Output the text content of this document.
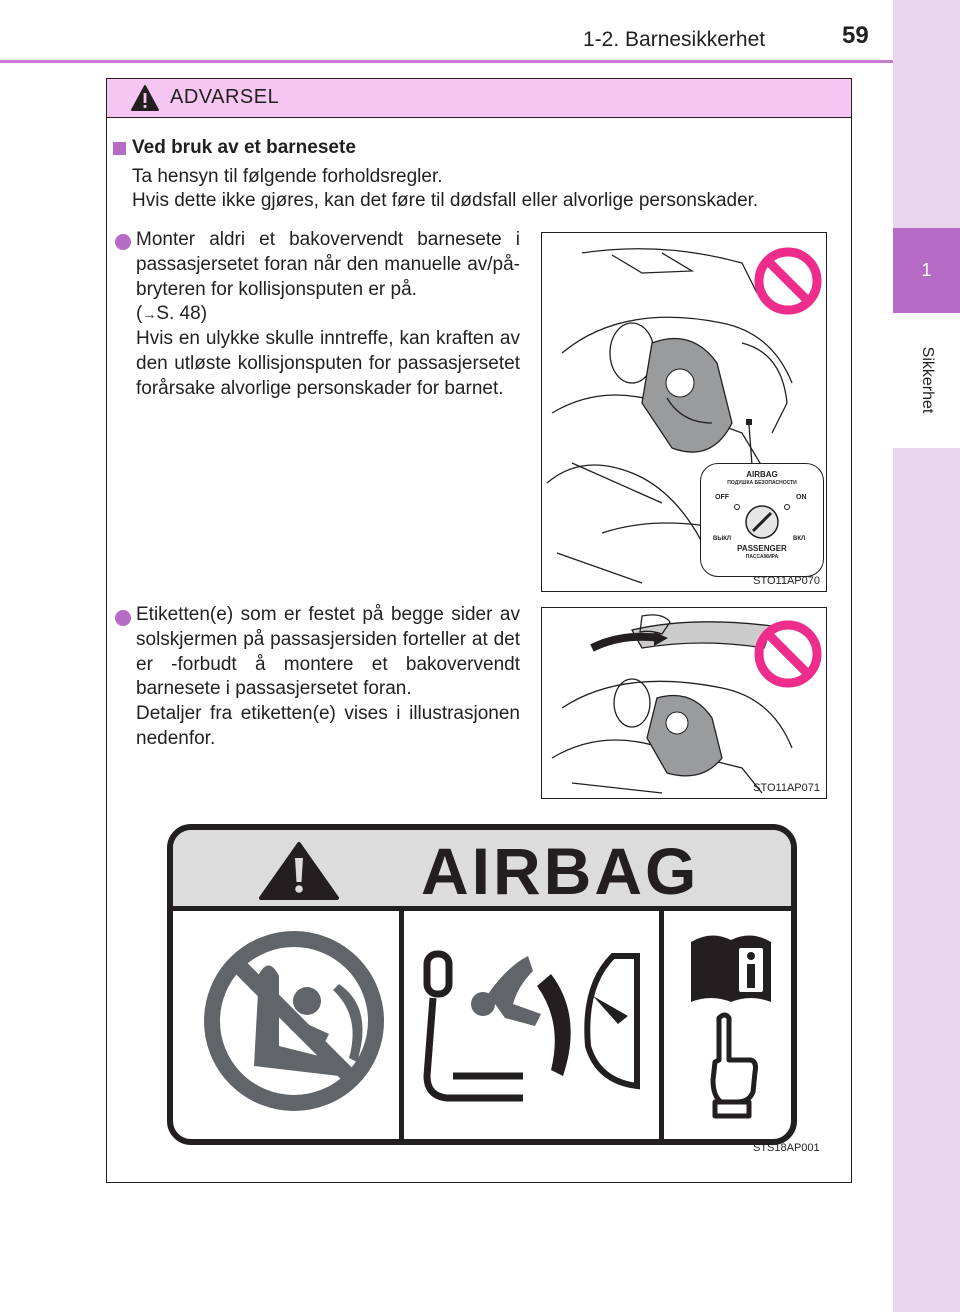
1-2. Barnesikkerhet	59
1
Sikkerhet
ADVARSEL
Ved bruk av et barnesete
Ta hensyn til følgende forholdsregler.
Hvis dette ikke gjøres, kan det føre til dødsfall eller alvorlige personskader.

Monter aldri et bakovervendt barnesete i passasjersetet foran når den manuelle av/på-bryteren for kollisjonsputen er på.

(→S. 48)

Hvis en ulykke skulle inntreffe, kan kraften av den utløste kollisjonsputen for passasjersetet forårsake alvorlige personskader for barnet.

AIRBAG
ПОДУШКА БЕЗОПАСНОСТИ
OFF	ON
ВЫКЛ	ВКЛ
PASSENGER
ПАССАЖИРА
STO11AP070

Etiketten(e) som er festet på begge sider av solskjermen på passasjersiden forteller at det er -forbudt å montere et bakovervendt barnesete i passasjersetet foran.

Detaljer fra etiketten(e) vises i illustrasjonen nedenfor.

STO11AP071
AIRBAG
STS18AP001
